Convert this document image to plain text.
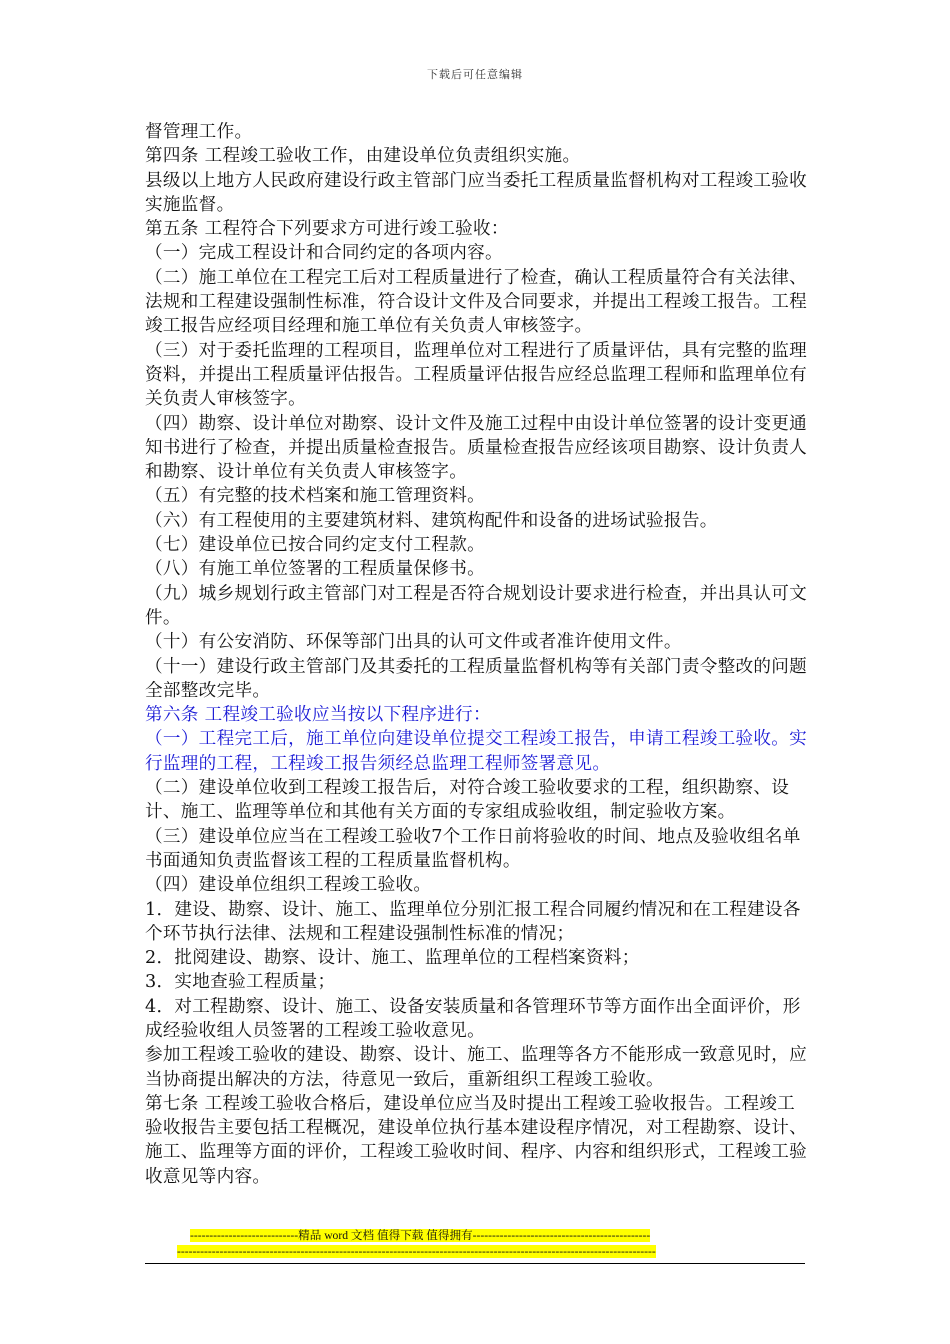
下载后可任意编辑

督管理工作。

第四条 工程竣工验收工作，由建设单位负责组织实施。

县级以上地方人民政府建设行政主管部门应当委托工程质量监督机构对工程竣工验收实施监督。

第五条 工程符合下列要求方可进行竣工验收：

（一）完成工程设计和合同约定的各项内容。

（二）施工单位在工程完工后对工程质量进行了检查，确认工程质量符合有关法律、法规和工程建设强制性标准，符合设计文件及合同要求，并提出工程竣工报告。工程竣工报告应经项目经理和施工单位有关负责人审核签字。

（三）对于委托监理的工程项目，监理单位对工程进行了质量评估，具有完整的监理资料，并提出工程质量评估报告。工程质量评估报告应经总监理工程师和监理单位有关负责人审核签字。

（四）勘察、设计单位对勘察、设计文件及施工过程中由设计单位签署的设计变更通知书进行了检查，并提出质量检查报告。质量检查报告应经该项目勘察、设计负责人和勘察、设计单位有关负责人审核签字。

（五）有完整的技术档案和施工管理资料。

（六）有工程使用的主要建筑材料、建筑构配件和设备的进场试验报告。

（七）建设单位已按合同约定支付工程款。

（八）有施工单位签署的工程质量保修书。

（九）城乡规划行政主管部门对工程是否符合规划设计要求进行检查，并出具认可文件。

（十）有公安消防、环保等部门出具的认可文件或者准许使用文件。

（十一）建设行政主管部门及其委托的工程质量监督机构等有关部门责令整改的问题全部整改完毕。

第六条 工程竣工验收应当按以下程序进行：

（一）工程完工后，施工单位向建设单位提交工程竣工报告，申请工程竣工验收。实行监理的工程，工程竣工报告须经总监理工程师签署意见。

（二）建设单位收到工程竣工报告后，对符合竣工验收要求的工程，组织勘察、设计、施工、监理等单位和其他有关方面的专家组成验收组，制定验收方案。

（三）建设单位应当在工程竣工验收7个工作日前将验收的时间、地点及验收组名单书面通知负责监督该工程的工程质量监督机构。

（四）建设单位组织工程竣工验收。

1．建设、勘察、设计、施工、监理单位分别汇报工程合同履约情况和在工程建设各个环节执行法律、法规和工程建设强制性标准的情况；

2．批阅建设、勘察、设计、施工、监理单位的工程档案资料；

3．实地查验工程质量；

4．对工程勘察、设计、施工、设备安装质量和各管理环节等方面作出全面评价，形成经验收组人员签署的工程竣工验收意见。

参加工程竣工验收的建设、勘察、设计、施工、监理等各方不能形成一致意见时，应当协商提出解决的方法，待意见一致后，重新组织工程竣工验收。

第七条 工程竣工验收合格后，建设单位应当及时提出工程竣工验收报告。工程竣工验收报告主要包括工程概况，建设单位执行基本建设程序情况，对工程勘察、设计、施工、监理等方面的评价，工程竣工验收时间、程序、内容和组织形式，工程竣工验收意见等内容。

----------------------------精品 word 文档 值得下载 值得拥有----------------------------------------------
----------------------------------------------------------------------------------------------------------------------------
